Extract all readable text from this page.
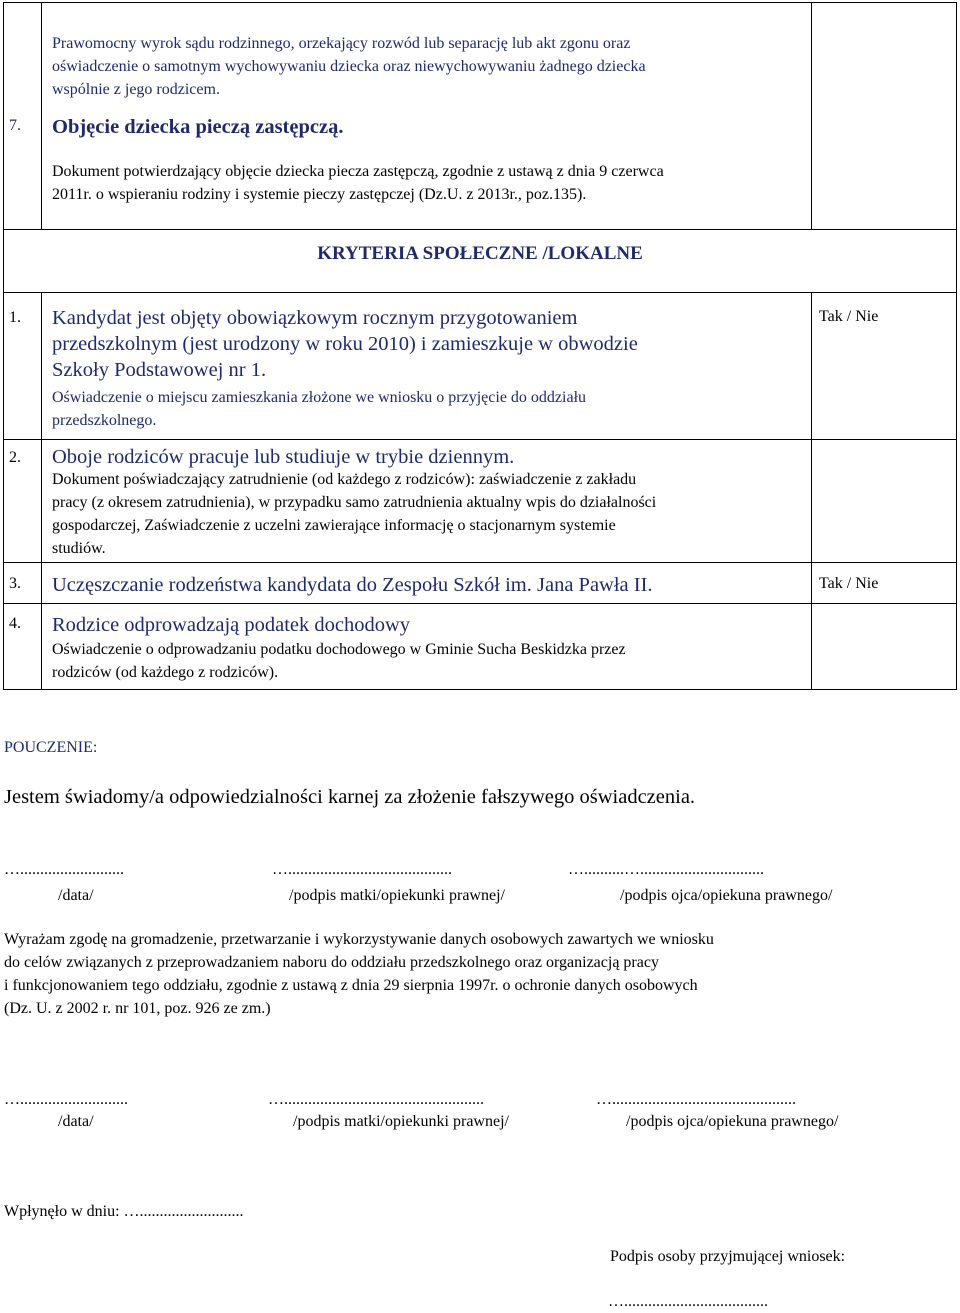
Prawomocny wyrok sądu rodzinnego, orzekający rozwód lub separację lub akt zgonu oraz
oświadczenie o samotnym wychowywaniu dziecka oraz niewychowywaniu żadnego dziecka
wspólnie z jego rodzicem.
7. Objęcie dziecka pieczą zastępczą.
Dokument potwierdzający objęcie dziecka piecza zastępczą, zgodnie z ustawą z dnia 9 czerwca
2011r. o wspieraniu rodziny i systemie pieczy zastępczej (Dz.U. z 2013r., poz.135).
KRYTERIA SPOŁECZNE /LOKALNE
1. Kandydat jest objęty obowiązkowym rocznym przygotowaniem
przedszkolnym (jest urodzony w roku 2010) i zamieszkuje w obwodzie
Szkoły Podstawowej nr 1.
Oświadczenie o miejscu zamieszkania złożone we wniosku o przyjęcie do oddziału
przedszkolnego.
Tak / Nie
2. Oboje rodziców pracuje lub studiuje w trybie dziennym.
Dokument poświadczający zatrudnienie (od każdego z rodziców): zaświadczenie z zakładu
pracy (z okresem zatrudnienia), w przypadku samo zatrudnienia aktualny wpis do działalności
gospodarczej, Zaświadczenie z uczelni zawierające informację o stacjonarnym systemie
studiów.
3. Uczęszczanie rodzeństwa kandydata do Zespołu Szkół im. Jana Pawła II.	Tak / Nie
4. Rodzice odprowadzają podatek dochodowy
Oświadczenie o odprowadzaniu podatku dochodowego w Gminie Sucha Beskidzka przez
rodziców (od każdego z rodziców).
POUCZENIE:
Jestem świadomy/a odpowiedzialności karnej za złożenie fałszywego oświadczenia.
…..........................	….........................................	…..........…...............................
/data/	/podpis matki/opiekunki prawnej/	/podpis ojca/opiekuna prawnego/
Wyrażam zgodę na gromadzenie, przetwarzanie i wykorzystywanie danych osobowych zawartych we wniosku
do celów związanych z przeprowadzaniem naboru do oddziału przedszkolnego oraz organizacją pracy
i funkcjonowaniem tego oddziału, zgodnie z ustawą z dnia 29 sierpnia 1997r. o ochronie danych osobowych
(Dz. U. z 2002 r. nr 101, poz. 926 ze zm.)
…...........................	…..................................................	…..............................................
/data/	/podpis matki/opiekunki prawnej/	/podpis ojca/opiekuna prawnego/
Wpłynęło w dniu: …..........................
Podpis osoby przyjmującej wniosek:
…....................................
